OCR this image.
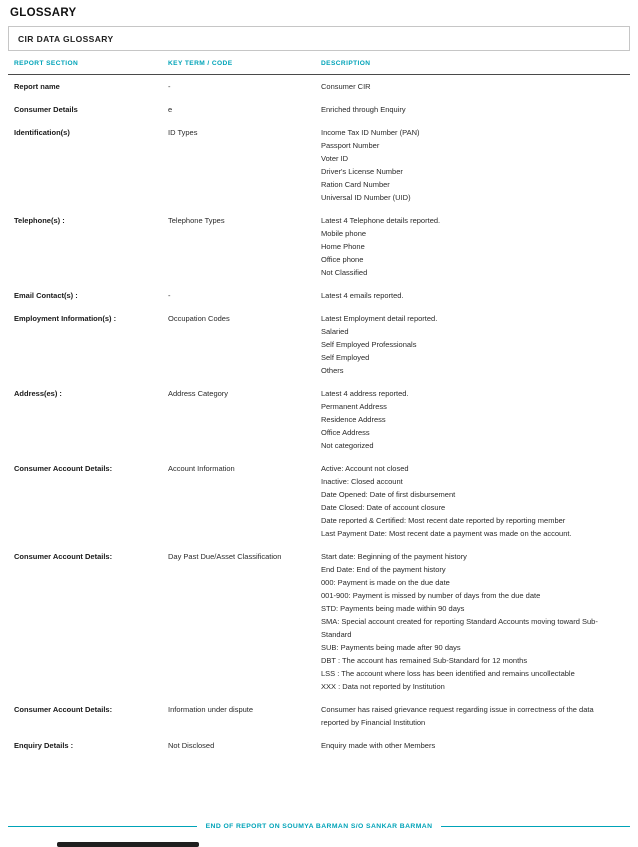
GLOSSARY
CIR DATA GLOSSARY
REPORT SECTION	KEY TERM / CODE	DESCRIPTION
Report name	-	Consumer CIR
Consumer Details	e	Enriched through Enquiry
Identification(s)	ID Types	Income Tax ID Number (PAN)
Passport Number
Voter ID
Driver's License Number
Ration Card Number
Universal ID Number (UID)
Telephone(s) :	Telephone Types	Latest 4 Telephone details reported.
Mobile phone
Home Phone
Office phone
Not Classified
Email Contact(s) :	-	Latest 4 emails reported.
Employment Information(s) :	Occupation Codes	Latest Employment detail reported.
Salaried
Self Employed Professionals
Self Employed
Others
Address(es) :	Address Category	Latest 4 address reported.
Permanent Address
Residence Address
Office Address
Not categorized
Consumer Account Details:	Account Information	Active: Account not closed
Inactive: Closed account
Date Opened: Date of first disbursement
Date Closed: Date of account closure
Date reported & Certified: Most recent date reported by reporting member
Last Payment Date: Most recent date a payment was made on the account.
Consumer Account Details:	Day Past Due/Asset Classification	Start date: Beginning of the payment history
End Date: End of the payment history
000: Payment is made on the due date
001-900: Payment is missed by number of days from the due date
STD: Payments being made within 90 days
SMA: Special account created for reporting Standard Accounts moving toward Sub-Standard
SUB: Payments being made after 90 days
DBT : The account has remained Sub-Standard for 12 months
LSS : The account where loss has been identified and remains uncollectable
XXX : Data not reported by Institution
Consumer Account Details:	Information under dispute	Consumer has raised grievance request regarding issue in correctness of the data reported by Financial Institution
Enquiry Details :	Not Disclosed	Enquiry made with other Members
END OF REPORT ON SOUMYA BARMAN S/O SANKAR BARMAN
